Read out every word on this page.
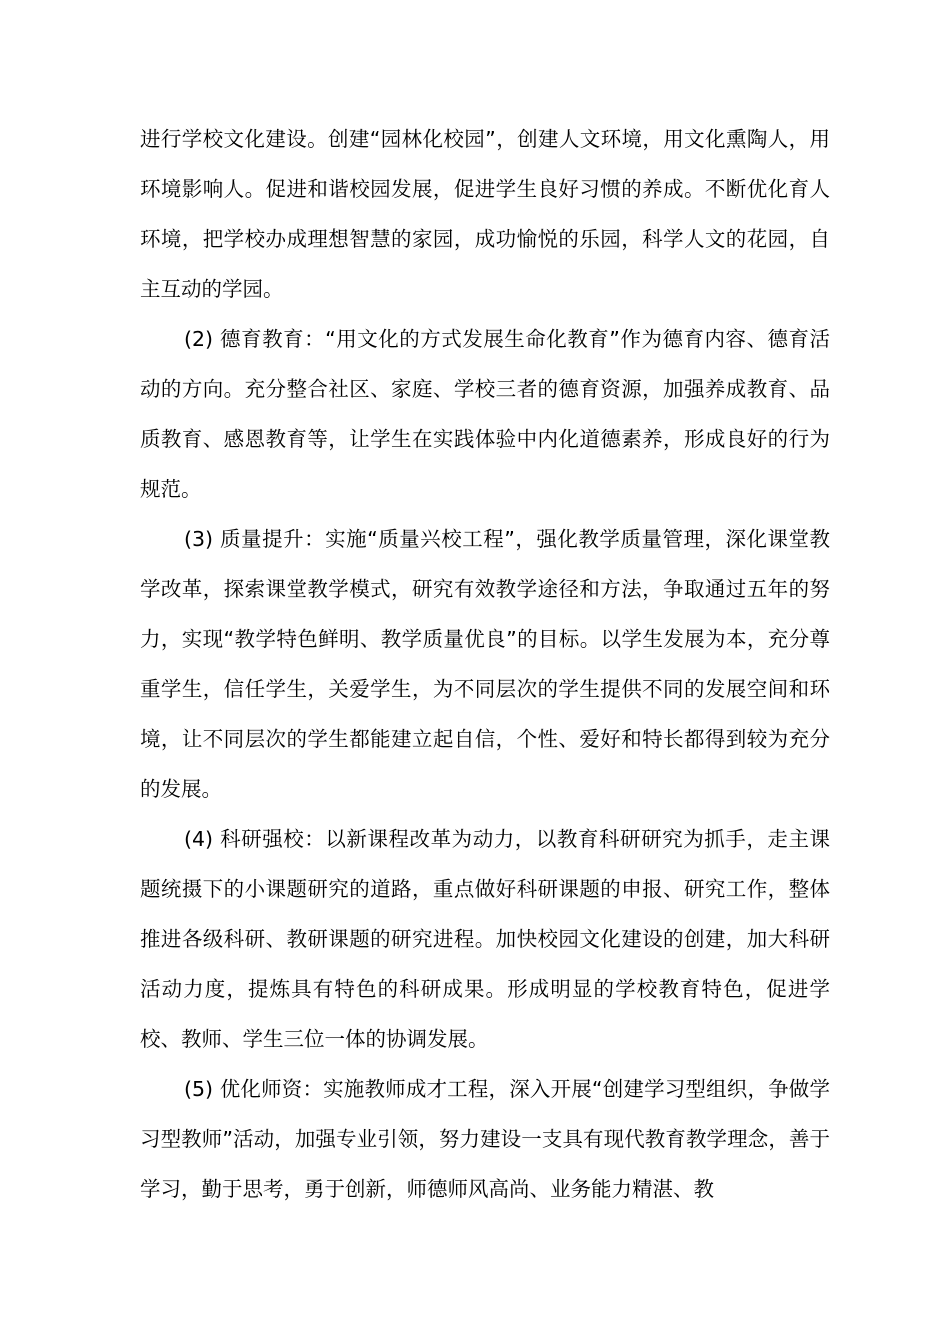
进行学校文化建设。创建“园林化校园”，创建人文环境，用文化熏陶人，用环境影响人。促进和谐校园发展，促进学生良好习惯的养成。不断优化育人环境，把学校办成理想智慧的家园，成功愉悦的乐园，科学人文的花园，自主互动的学园。

(2) 德育教育：“用文化的方式发展生命化教育”作为德育内容、德育活动的方向。充分整合社区、家庭、学校三者的德育资源，加强养成教育、品质教育、感恩教育等，让学生在实践体验中内化道德素养，形成良好的行为规范。

(3) 质量提升：实施“质量兴校工程”，强化教学质量管理，深化课堂教学改革，探索课堂教学模式，研究有效教学途径和方法，争取通过五年的努力，实现“教学特色鲜明、教学质量优良”的目标。以学生发展为本，充分尊重学生，信任学生，关爱学生，为不同层次的学生提供不同的发展空间和环境，让不同层次的学生都能建立起自信，个性、爱好和特长都得到较为充分的发展。

(4) 科研强校：以新课程改革为动力，以教育科研研究为抓手，走主课题统摄下的小课题研究的道路，重点做好科研课题的申报、研究工作，整体推进各级科研、教研课题的研究进程。加快校园文化建设的创建，加大科研活动力度，提炼具有特色的科研成果。形成明显的学校教育特色，促进学校、教师、学生三位一体的协调发展。

(5) 优化师资：实施教师成才工程，深入开展“创建学习型组织，争做学习型教师”活动，加强专业引领，努力建设一支具有现代教育教学理念，善于学习，勤于思考，勇于创新，师德师风高尚、业务能力精湛、教
